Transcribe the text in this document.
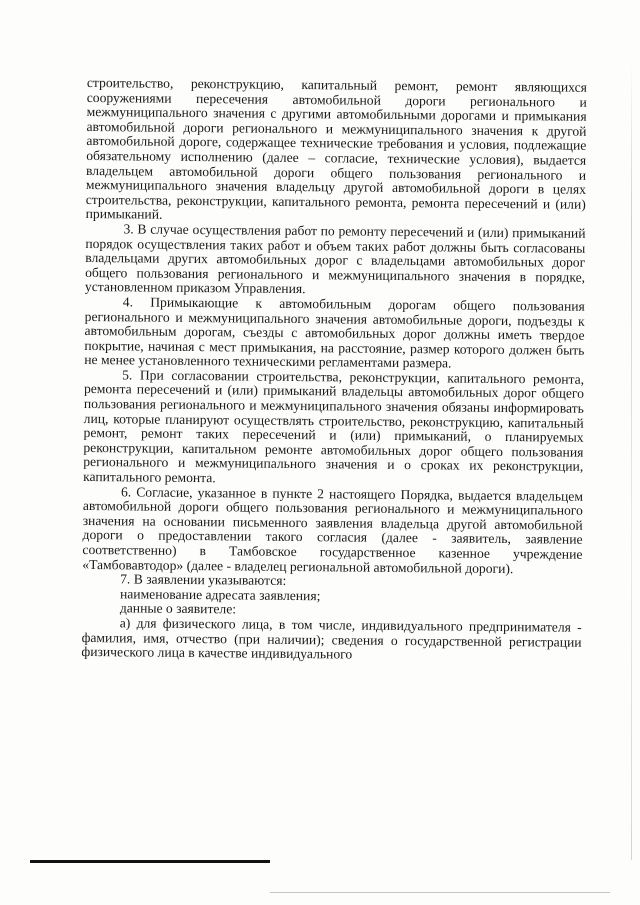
строительство, реконструкцию, капитальный ремонт, ремонт являющихся сооружениями пересечения автомобильной дороги регионального и межмуниципального значения с другими автомобильными дорогами и примыкания автомобильной дороги регионального и межмуниципального значения к другой автомобильной дороге, содержащее технические требования и условия, подлежащие обязательному исполнению (далее – согласие, технические условия), выдается владельцем автомобильной дороги общего пользования регионального и межмуниципального значения владельцу другой автомобильной дороги в целях строительства, реконструкции, капитального ремонта, ремонта пересечений и (или) примыканий.

3. В случае осуществления работ по ремонту пересечений и (или) примыканий порядок осуществления таких работ и объем таких работ должны быть согласованы владельцами других автомобильных дорог с владельцами автомобильных дорог общего пользования регионального и межмуниципального значения в порядке, установленном приказом Управления.

4. Примыкающие к автомобильным дорогам общего пользования регионального и межмуниципального значения автомобильные дороги, подъезды к автомобильным дорогам, съезды с автомобильных дорог должны иметь твердое покрытие, начиная с мест примыкания, на расстояние, размер которого должен быть не менее установленного техническими регламентами размера.

5. При согласовании строительства, реконструкции, капитального ремонта, ремонта пересечений и (или) примыканий владельцы автомобильных дорог общего пользования регионального и межмуниципального значения обязаны информировать лиц, которые планируют осуществлять строительство, реконструкцию, капитальный ремонт, ремонт таких пересечений и (или) примыканий, о планируемых реконструкции, капитальном ремонте автомобильных дорог общего пользования регионального и межмуниципального значения и о сроках их реконструкции, капитального ремонта.

6. Согласие, указанное в пункте 2 настоящего Порядка, выдается владельцем автомобильной дороги общего пользования регионального и межмуниципального значения на основании письменного заявления владельца другой автомобильной дороги о предоставлении такого согласия (далее - заявитель, заявление соответственно) в Тамбовское государственное казенное учреждение «Тамбовавтодор» (далее - владелец региональной автомобильной дороги).

7. В заявлении указываются:

наименование адресата заявления;

данные о заявителе:

а) для физического лица, в том числе, индивидуального предпринимателя - фамилия, имя, отчество (при наличии); сведения о государственной регистрации физического лица в качестве индивидуального
